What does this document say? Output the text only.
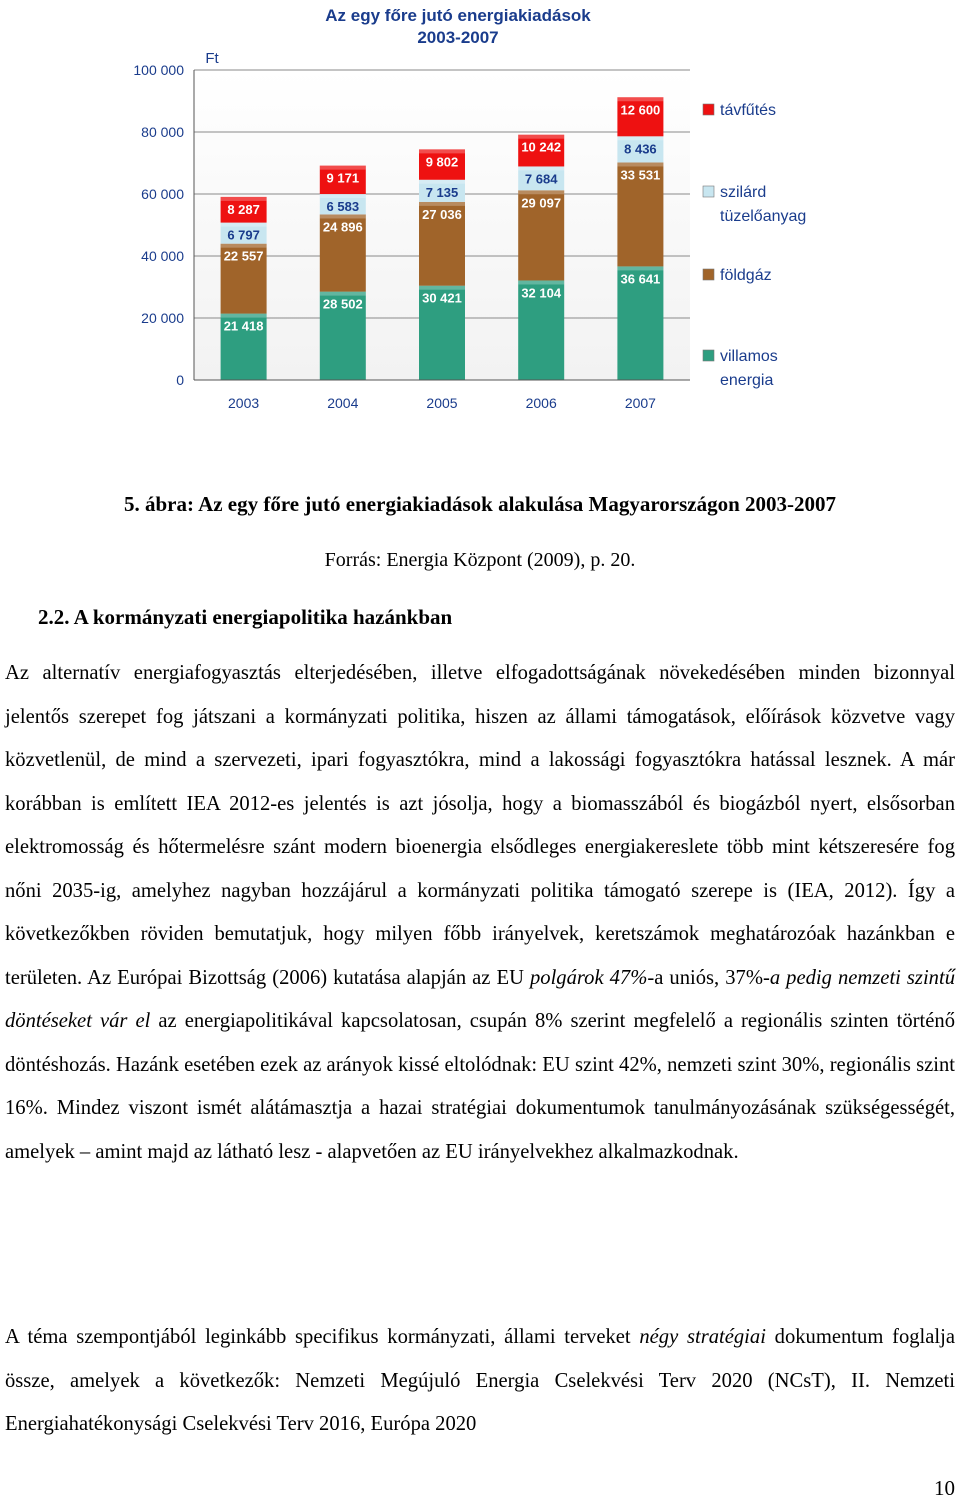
21 418
22 557
6 797
8 287
28 502
24 896
6 583
9 171
30 421
27 036
7 135
9 802
32 104
29 097
7 684
10 242
36 641
33 531
8 436
12 600
0
20 000
40 000
60 000
80 000
100 000
2003	2004	2005	2006	2007
távfűtés
szilárd
tüzelőanyag
földgáz
villamos
energia
Az egy főre jutó energiakiadások
2003-2007
Ft
5. ábra: Az egy főre jutó energiakiadások alakulása Magyarországon 2003-2007
Forrás: Energia Központ (2009), p. 20.
2.2. A kormányzati energiapolitika hazánkban
Az alternatív energiafogyasztás elterjedésében, illetve elfogadottságának növekedésében minden bizonnyal jelentős szerepet fog játszani a kormányzati politika, hiszen az állami támogatások, előírások közvetve vagy közvetlenül, de mind a szervezeti, ipari fogyasztókra, mind a lakossági fogyasztókra hatással lesznek. A már korábban is említett IEA 2012-es jelentés is azt jósolja, hogy a biomasszából és biogázból nyert, elsősorban elektromosság és hőtermelésre szánt modern bioenergia elsődleges energiakereslete több mint kétszeresére fog nőni 2035-ig, amelyhez nagyban hozzájárul a kormányzati politika támogató szerepe is (IEA, 2012). Így a következőkben röviden bemutatjuk, hogy milyen főbb irányelvek, keretszámok meghatározóak hazánkban e területen. Az Európai Bizottság (2006) kutatása alapján az EU polgárok 47%-a uniós, 37%-a pedig nemzeti szintű döntéseket vár el az energiapolitikával kapcsolatosan, csupán 8% szerint megfelelő a regionális szinten történő döntéshozás. Hazánk esetében ezek az arányok kissé eltolódnak: EU szint 42%, nemzeti szint 30%, regionális szint 16%. Mindez viszont ismét alátámasztja a hazai stratégiai dokumentumok tanulmányozásának szükségességét, amelyek – amint majd az látható lesz - alapvetően az EU irányelvekhez alkalmazkodnak.
A téma szempontjából leginkább specifikus kormányzati, állami terveket négy stratégiai dokumentum foglalja össze, amelyek a következők: Nemzeti Megújuló Energia Cselekvési Terv 2020 (NCsT), II. Nemzeti Energiahatékonysági Cselekvési Terv 2016, Európa 2020
10
